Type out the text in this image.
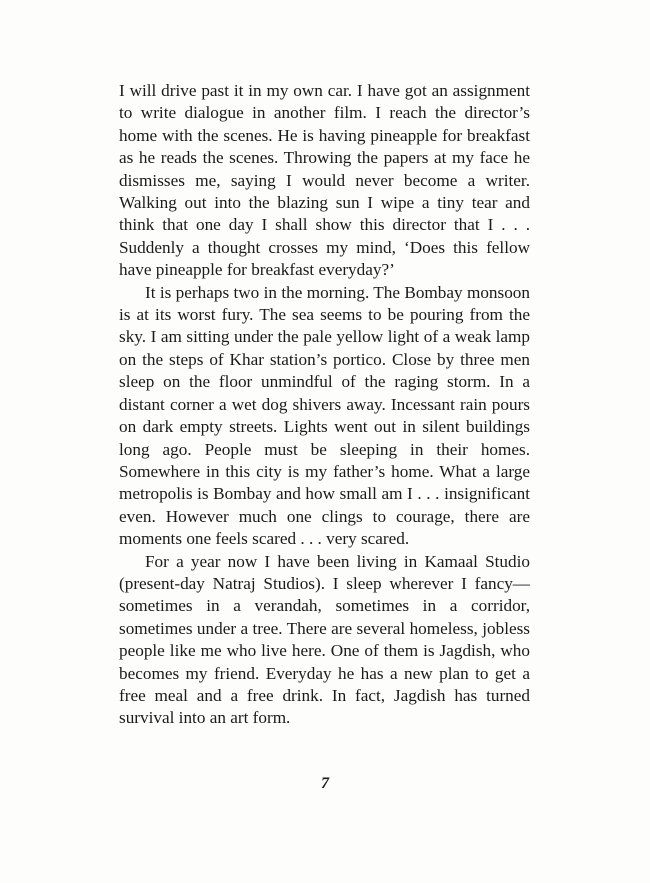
I will drive past it in my own car. I have got an assignment to write dialogue in another film. I reach the director’s home with the scenes. He is having pineapple for breakfast as he reads the scenes. Throwing the papers at my face he dismisses me, saying I would never become a writer. Walking out into the blazing sun I wipe a tiny tear and think that one day I shall show this director that I . . . Suddenly a thought crosses my mind, ‘Does this fellow have pineapple for breakfast everyday?’

It is perhaps two in the morning. The Bombay monsoon is at its worst fury. The sea seems to be pouring from the sky. I am sitting under the pale yellow light of a weak lamp on the steps of Khar station’s portico. Close by three men sleep on the floor unmindful of the raging storm. In a distant corner a wet dog shivers away. Incessant rain pours on dark empty streets. Lights went out in silent buildings long ago. People must be sleeping in their homes. Somewhere in this city is my father’s home. What a large metropolis is Bombay and how small am I . . . insignificant even. However much one clings to courage, there are moments one feels scared . . . very scared.

For a year now I have been living in Kamaal Studio (present-day Natraj Studios). I sleep wherever I fancy—sometimes in a verandah, sometimes in a corridor, sometimes under a tree. There are several homeless, jobless people like me who live here. One of them is Jagdish, who becomes my friend. Everyday he has a new plan to get a free meal and a free drink. In fact, Jagdish has turned survival into an art form.

7
